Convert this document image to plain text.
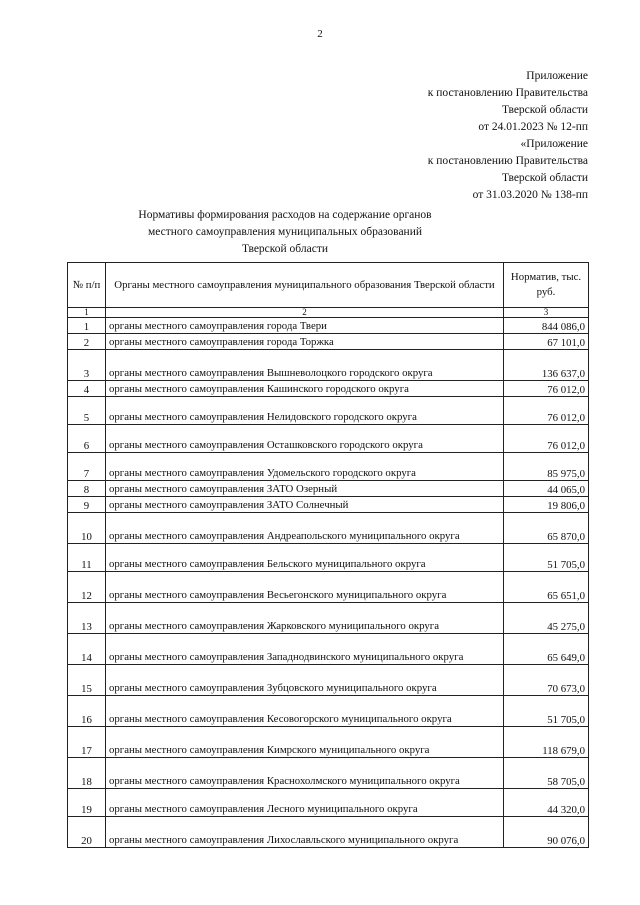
2
Приложение
к постановлению Правительства
Тверской области
от 24.01.2023 № 12-пп
«Приложение
к постановлению Правительства
Тверской области
от 31.03.2020 № 138-пп
Нормативы формирования расходов на содержание органов
местного самоуправления муниципальных образований
Тверской области
№ п/п	Органы местного самоуправления муниципального образования Тверской области	Норматив, тыс. руб.
1	2	3
1	органы местного самоуправления города Твери	844 086,0
2	органы местного самоуправления города Торжка	67 101,0
3	органы местного самоуправления Вышневолоцкого городского округа	136 637,0
4	органы местного самоуправления Кашинского городского округа	76 012,0
5	органы местного самоуправления Нелидовского городского округа	76 012,0
6	органы местного самоуправления Осташковского городского округа	76 012,0
7	органы местного самоуправления Удомельского городского округа	85 975,0
8	органы местного самоуправления ЗАТО Озерный	44 065,0
9	органы местного самоуправления ЗАТО Солнечный	19 806,0
10	органы местного самоуправления Андреапольского муниципального округа	65 870,0
11	органы местного самоуправления Бельского муниципального округа	51 705,0
12	органы местного самоуправления Весьегонского муниципального округа	65 651,0
13	органы местного самоуправления Жарковского муниципального округа	45 275,0
14	органы местного самоуправления Западнодвинского муниципального округа	65 649,0
15	органы местного самоуправления Зубцовского муниципального округа	70 673,0
16	органы местного самоуправления Кесовогорского муниципального округа	51 705,0
17	органы местного самоуправления Кимрского муниципального округа	118 679,0
18	органы местного самоуправления Краснохолмского муниципального округа	58 705,0
19	органы местного самоуправления Лесного муниципального округа	44 320,0
20	органы местного самоуправления Лихославльского муниципального округа	90 076,0
